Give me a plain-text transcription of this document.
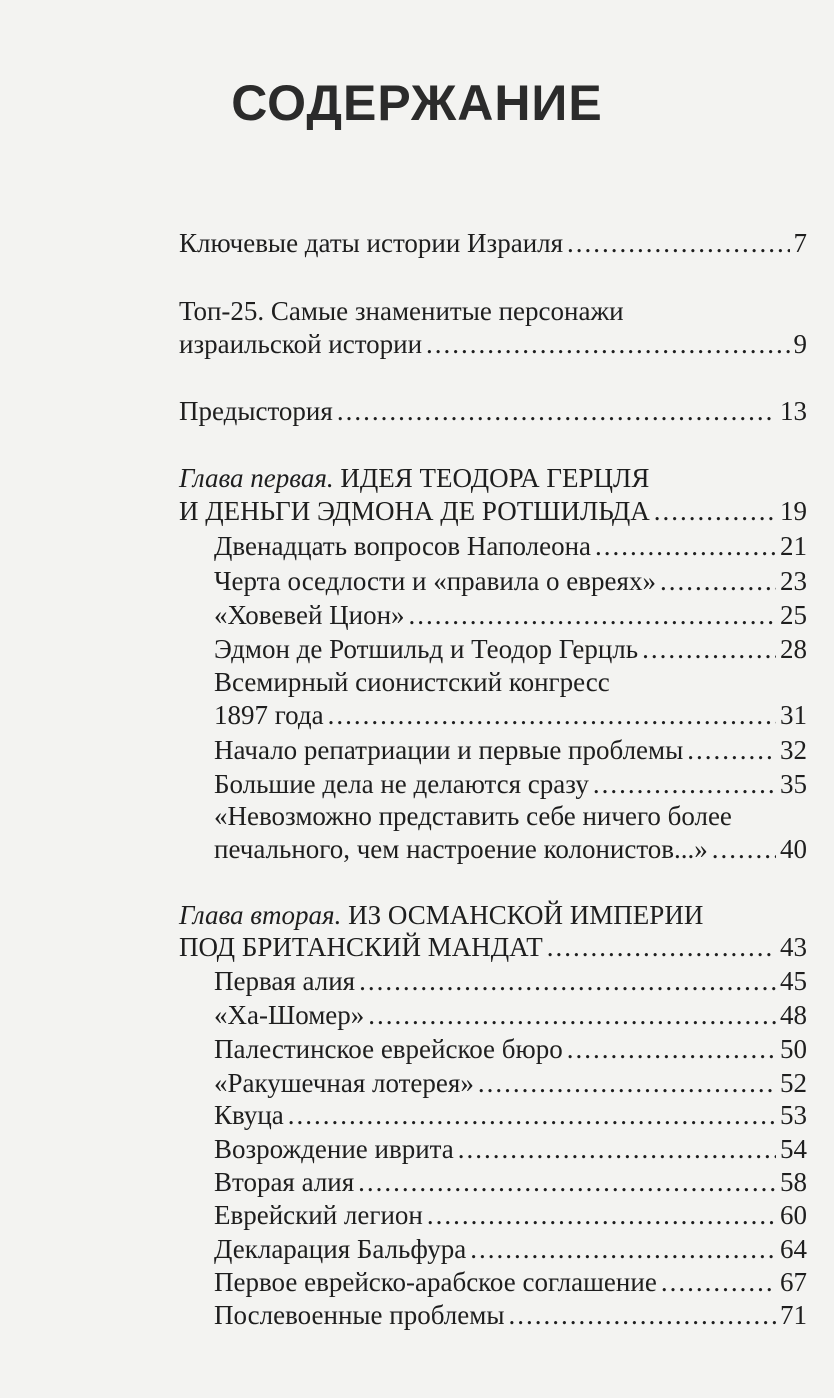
СОДЕРЖАНИЕ
Ключевые даты истории Израиля .....	7
Топ-25. Самые знаменитые персонажи
израильской истории .....	9
Предыстория .....	13
Глава первая. ИДЕЯ ТЕОДОРА ГЕРЦЛЯ
И ДЕНЬГИ ЭДМОНА ДЕ РОТШИЛЬДА .....	19
Двенадцать вопросов Наполеона .....	21
Черта оседлости и «правила о евреях» .....	23
«Ховевей Цион» .....	25
Эдмон де Ротшильд и Теодор Герцль .....	28
Всемирный сионистский конгресс
1897 года .....	31
Начало репатриации и первые проблемы .....	32
Большие дела не делаются сразу .....	35
«Невозможно представить себе ничего более
печального, чем настроение колонистов...» .....	40
Глава вторая. ИЗ ОСМАНСКОЙ ИМПЕРИИ
ПОД БРИТАНСКИЙ МАНДАТ .....	43
Первая алия .....	45
«Ха-Шомер» .....	48
Палестинское еврейское бюро .....	50
«Ракушечная лотерея» .....	52
Квуца .....	53
Возрождение иврита .....	54
Вторая алия .....	58
Еврейский легион .....	60
Декларация Бальфура .....	64
Первое еврейско-арабское соглашение .....	67
Послевоенные проблемы .....	71
